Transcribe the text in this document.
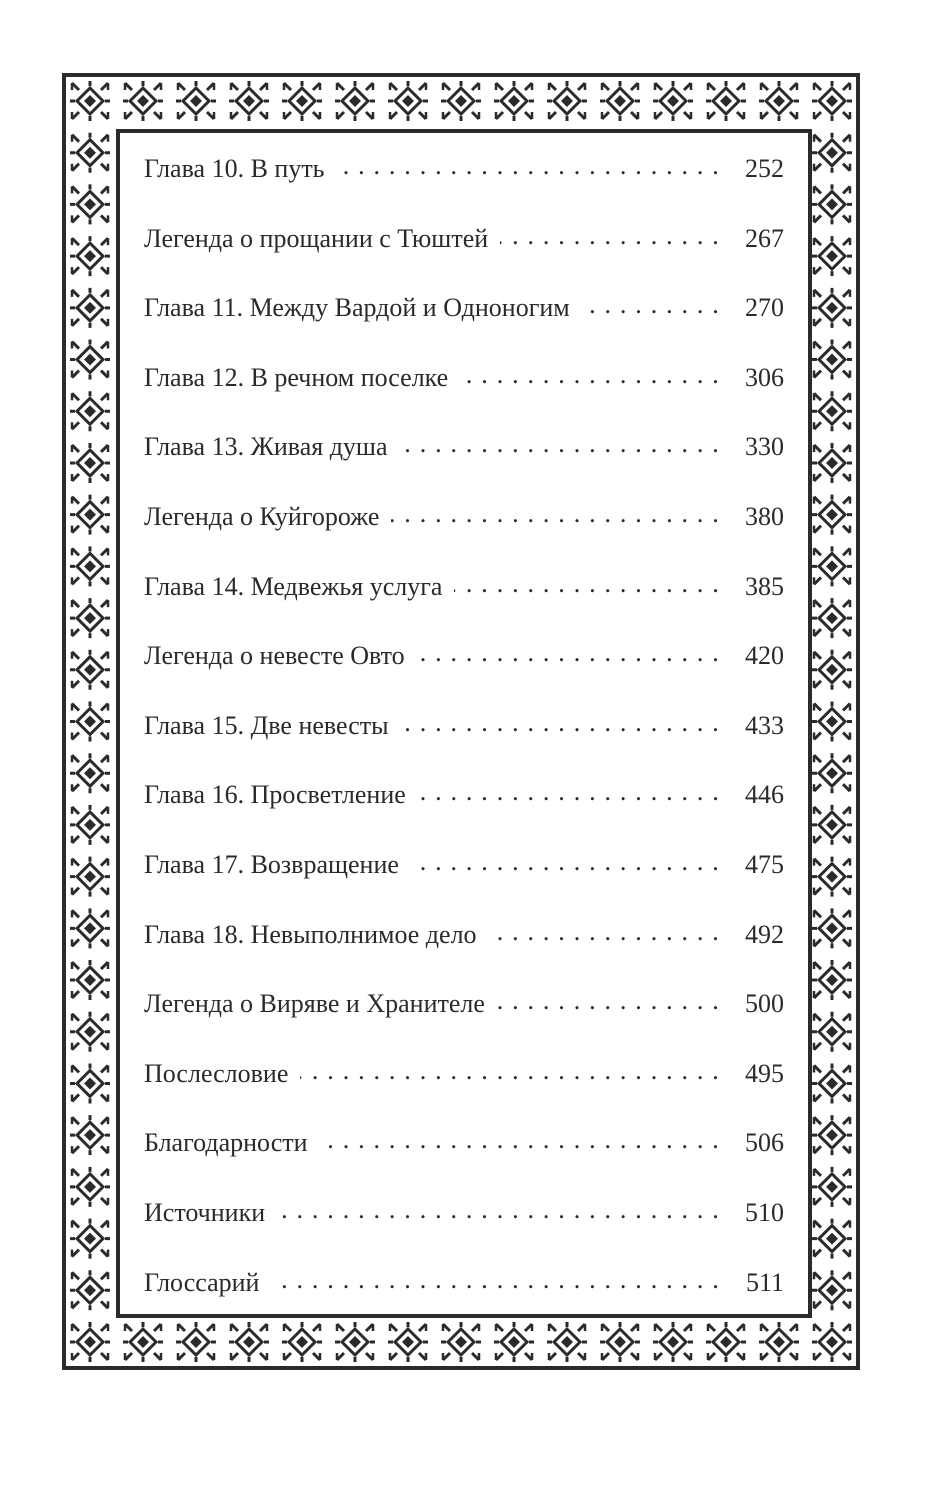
Глава 10. В путь . . .	252
Легенда о прощании с Тюштей . . .	267
Глава 11. Между Вардой и Одноногим . . .	270
Глава 12. В речном поселке . . .	306
Глава 13. Живая душа . . .	330
Легенда о Куйгороже . . .	380
Глава 14. Медвежья услуга . . .	385
Легенда о невесте Овто . . .	420
Глава 15. Две невесты . . .	433
Глава 16. Просветление . . .	446
Глава 17. Возвращение . . .	475
Глава 18. Невыполнимое дело . . .	492
Легенда о Виряве и Хранителе . . .	500
Послесловие . . .	495
Благодарности . . .	506
Источники . . .	510
Глоссарий . . .	511
